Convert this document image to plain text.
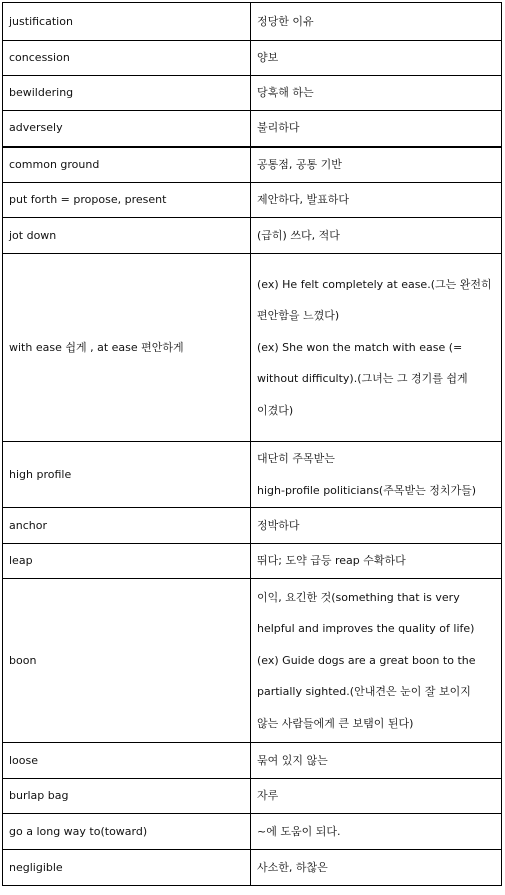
justification	정당한 이유

concession	양보

bewildering	당혹해 하는

adversely	불리하다

common ground	공통점, 공통 기반

put forth = propose, present	제안하다, 발표하다

jot down	(급히) 쓰다, 적다

with ease 쉽게 , at ease 편안하게	(ex) He felt completely at ease.(그는 완전히
편안함을 느꼈다)
(ex) She won the match with ease (=
without difficulty).(그녀는 그 경기를 쉽게
이겼다)

high profile	대단히 주목받는
high-profile politicians(주목받는 정치가들)

anchor	정박하다

leap	뛰다; 도약 급등 reap 수확하다

boon	이익, 요긴한 것(something that is very
helpful and improves the quality of life)
(ex) Guide dogs are a great boon to the
partially sighted.(안내견은 눈이 잘 보이지
않는 사람들에게 큰 보탬이 된다)

loose	묶여 있지 않는

burlap bag	자루

go a long way to(toward)	~에 도움이 되다.

negligible	사소한, 하찮은
